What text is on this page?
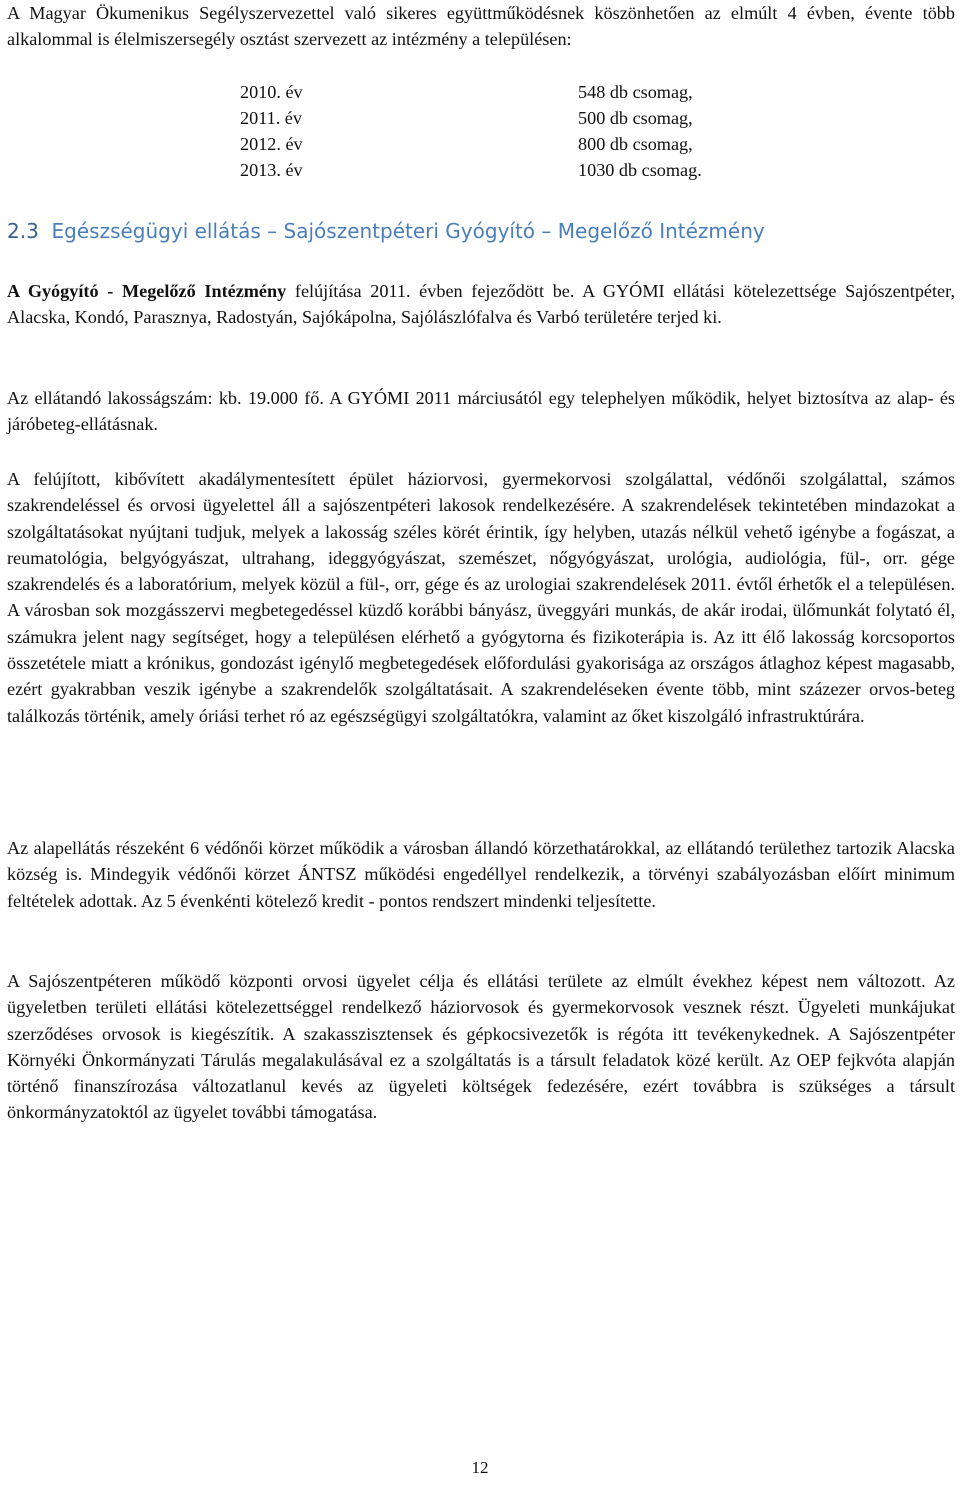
A Magyar Ökumenikus Segélyszervezettel való sikeres együttműködésnek köszönhetően az elmúlt 4 évben, évente több alkalommal is élelmiszersegély osztást szervezett az intézmény a településen:

2010. év	548 db csomag,
2011. év	500 db csomag,
2012. év	800 db csomag,
2013. év	1030 db csomag.
2.3 Egészségügyi ellátás – Sajószentpéteri Gyógyító – Megelőző Intézmény

A Gyógyító - Megelőző Intézmény felújítása 2011. évben fejeződött be. A GYÓMI ellátási kötelezettsége Sajószentpéter, Alacska, Kondó, Parasznya, Radostyán, Sajókápolna, Sajólászlófalva és Varbó területére terjed ki.

Az ellátandó lakosságszám: kb. 19.000 fő. A GYÓMI 2011 márciusától egy telephelyen működik, helyet biztosítva az alap- és járóbeteg-ellátásnak.

A felújított, kibővített akadálymentesített épület háziorvosi, gyermekorvosi szolgálattal, védőnői szolgálattal, számos szakrendeléssel és orvosi ügyelettel áll a sajószentpéteri lakosok rendelkezésére. A szakrendelések tekintetében mindazokat a szolgáltatásokat nyújtani tudjuk, melyek a lakosság széles körét érintik, így helyben, utazás nélkül vehető igénybe a fogászat, a reumatológia, belgyógyászat, ultrahang, ideggyógyászat, szemészet, nőgyógyászat, urológia, audiológia, fül-, orr. gége szakrendelés és a laboratórium, melyek közül a fül-, orr, gége és az urologiai szakrendelések 2011. évtől érhetők el a településen. A városban sok mozgásszervi megbetegedéssel küzdő korábbi bányász, üveggyári munkás, de akár irodai, ülőmunkát folytató él, számukra jelent nagy segítséget, hogy a településen elérhető a gyógytorna és fizikoterápia is. Az itt élő lakosság korcsoportos összetétele miatt a krónikus, gondozást igénylő megbetegedések előfordulási gyakorisága az országos átlaghoz képest magasabb, ezért gyakrabban veszik igénybe a szakrendelők szolgáltatásait. A szakrendeléseken évente több, mint százezer orvos-beteg találkozás történik, amely óriási terhet ró az egészségügyi szolgáltatókra, valamint az őket kiszolgáló infrastruktúrára.

Az alapellátás részeként 6 védőnői körzet működik a városban állandó körzethatárokkal, az ellátandó területhez tartozik Alacska község is. Mindegyik védőnői körzet ÁNTSZ működési engedéllyel rendelkezik, a törvényi szabályozásban előírt minimum feltételek adottak. Az 5 évenkénti kötelező kredit - pontos rendszert mindenki teljesítette.

A Sajószentpéteren működő központi orvosi ügyelet célja és ellátási területe az elmúlt évekhez képest nem változott. Az ügyeletben területi ellátási kötelezettséggel rendelkező háziorvosok és gyermekorvosok vesznek részt. Ügyeleti munkájukat szerződéses orvosok is kiegészítik. A szakasszisztensek és gépkocsivezetők is régóta itt tevékenykednek. A Sajószentpéter Környéki Önkormányzati Tárulás megalakulásával ez a szolgáltatás is a társult feladatok közé került. Az OEP fejkvóta alapján történő finanszírozása változatlanul kevés az ügyeleti költségek fedezésére, ezért továbbra is szükséges a társult önkormányzatoktól az ügyelet további támogatása.

12
